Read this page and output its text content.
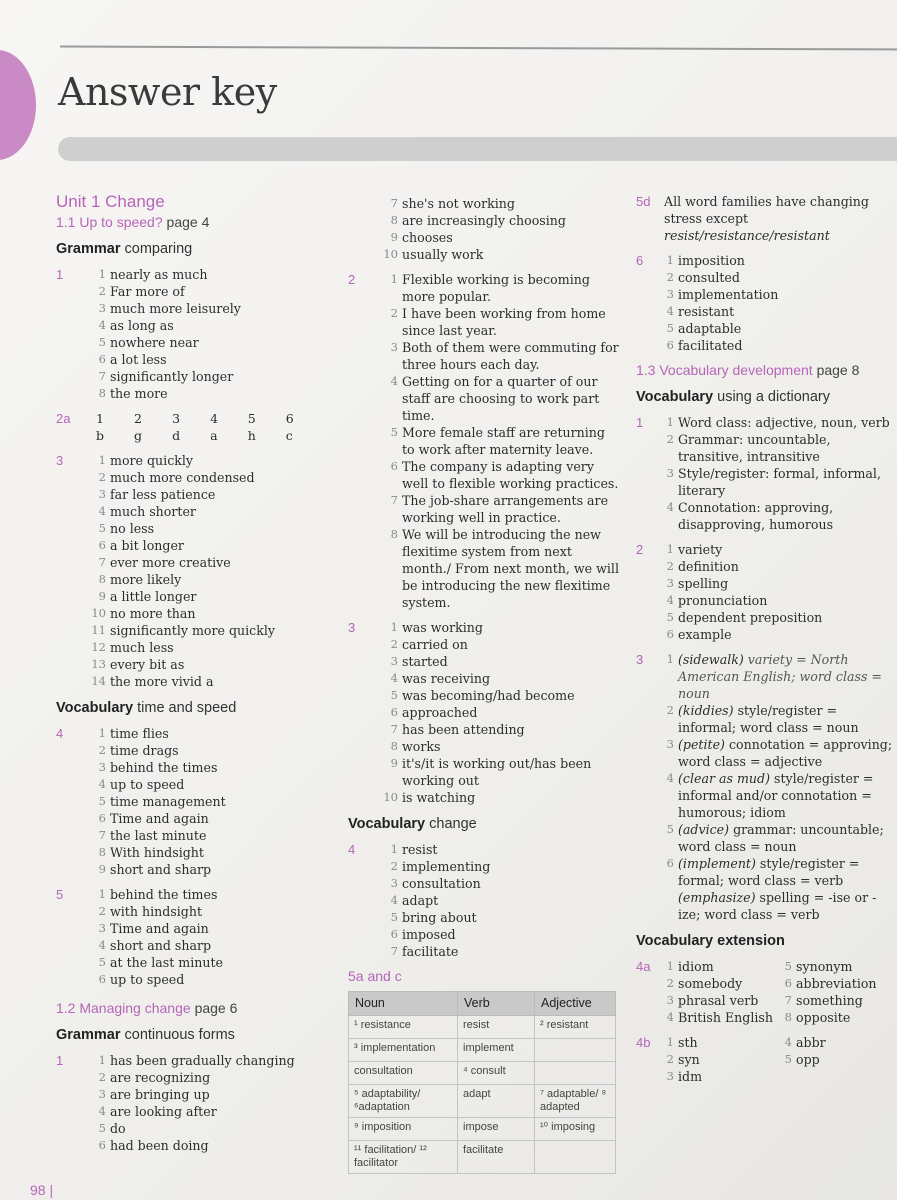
Answer key
Unit 1 Change
1.1 Up to speed? page 4
Grammar comparing
1	1 nearly as much
2 Far more of
3 much more leisurely
4 as long as
5 nowhere near
6 a lot less
7 significantly longer
8 the more
2a 1 b
2 g
3 d
4 a
5 h
6 c
3	1 more quickly
2 much more condensed
3 far less patience
4 much shorter
5 no less
6 a bit longer
7 ever more creative
8 more likely
9 a little longer
10 no more than
11 significantly more quickly
12 much less
13 every bit as
14 the more vivid a
Vocabulary time and speed
4	1 time flies
2 time drags
3 behind the times
4 up to speed
5 time management
6 Time and again
7 the last minute
8 With hindsight
9 short and sharp
5	1 behind the times
2 with hindsight
3 Time and again
4 short and sharp
5 at the last minute
6 up to speed
1.2 Managing change page 6
Grammar continuous forms
1	1 has been gradually changing
2 are recognizing
3 are bringing up
4 are looking after
5 do
6 had been doing
7 she's not working
8 are increasingly choosing
9 chooses
10 usually work
2	1 Flexible working is becoming more popular.
2 I have been working from home since last year.
3 Both of them were commuting for three hours each day.
4 Getting on for a quarter of our staff are choosing to work part time.
5 More female staff are returning to work after maternity leave.
6 The company is adapting very well to flexible working practices.
7 The job-share arrangements are working well in practice.
8 We will be introducing the new flexitime system from next month./ From next month, we will be introducing the new flexitime system.
3	1 was working
2 carried on
3 started
4 was receiving
5 was becoming/had become
6 approached
7 has been attending
8 works
9 it's/it is working out/has been working out
10 is watching
Vocabulary change
4	1 resist
2 implementing
3 consultation
4 adapt
5 bring about
6 imposed
7 facilitate
5a and c
Noun	Verb	Adjective
¹ resistance	resist	² resistant
³ implementation	implement	
consultation	⁴ consult	
⁵ adaptability/ ⁶adaptation	adapt	⁷ adaptable/ ⁸ adapted
⁹ imposition	impose	¹⁰ imposing
¹¹ facilitation/ ¹² facilitator	facilitate	
5d All word families have changing stress except resist/resistance/resistant
6	1 imposition
2 consulted
3 implementation
4 resistant
5 adaptable
6 facilitated
1.3 Vocabulary development page 8
Vocabulary using a dictionary
1	1 Word class: adjective, noun, verb
2 Grammar: uncountable, transitive, intransitive
3 Style/register: formal, informal, literary
4 Connotation: approving, disapproving, humorous
2	1 variety
2 definition
3 spelling
4 pronunciation
5 dependent preposition
6 example
3	1 (sidewalk) variety = North American English; word class = noun
2 (kiddies) style/register = informal; word class = noun
3 (petite) connotation = approving; word class = adjective
4 (clear as mud) style/register = informal and/or connotation = humorous; idiom
5 (advice) grammar: uncountable; word class = noun
6 (implement) style/register = formal; word class = verb
(emphasize) spelling = -ise or -ize; word class = verb
Vocabulary extension
4a	1 idiom	5 synonym
2 somebody	6 abbreviation
3 phrasal verb	7 something
4 British English	8 opposite
4b	1 sth	4 abbr
2 syn	5 opp
3 idm
98 |
